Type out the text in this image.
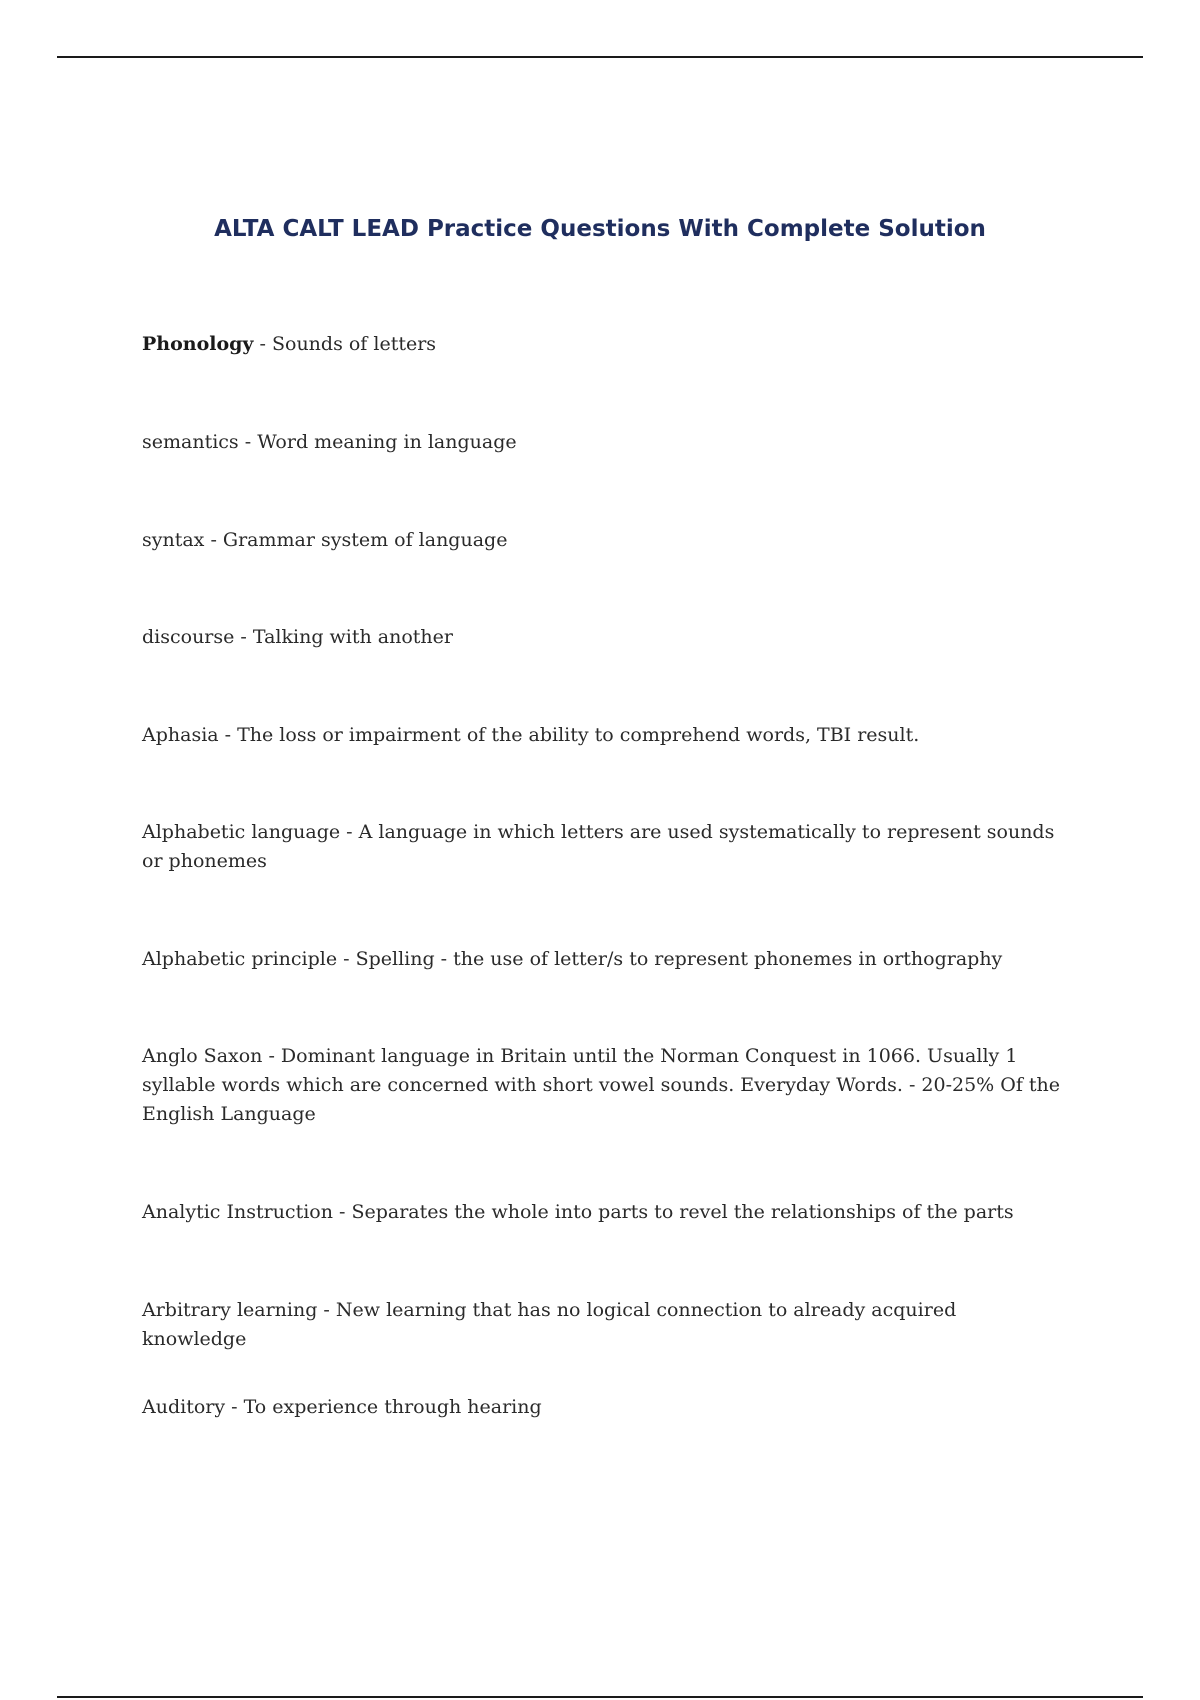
ALTA CALT LEAD Practice Questions With Complete Solution
Phonology - Sounds of letters
semantics - Word meaning in language
syntax - Grammar system of language
discourse - Talking with another
Aphasia - The loss or impairment of the ability to comprehend words, TBI result.
Alphabetic language - A language in which letters are used systematically to represent sounds or phonemes
Alphabetic principle - Spelling - the use of letter/s to represent phonemes in orthography
Anglo Saxon - Dominant language in Britain until the Norman Conquest in 1066. Usually 1 syllable words which are concerned with short vowel sounds. Everyday Words. - 20-25% Of the English Language
Analytic Instruction - Separates the whole into parts to revel the relationships of the parts
Arbitrary learning - New learning that has no logical connection to already acquired knowledge
Auditory - To experience through hearing
